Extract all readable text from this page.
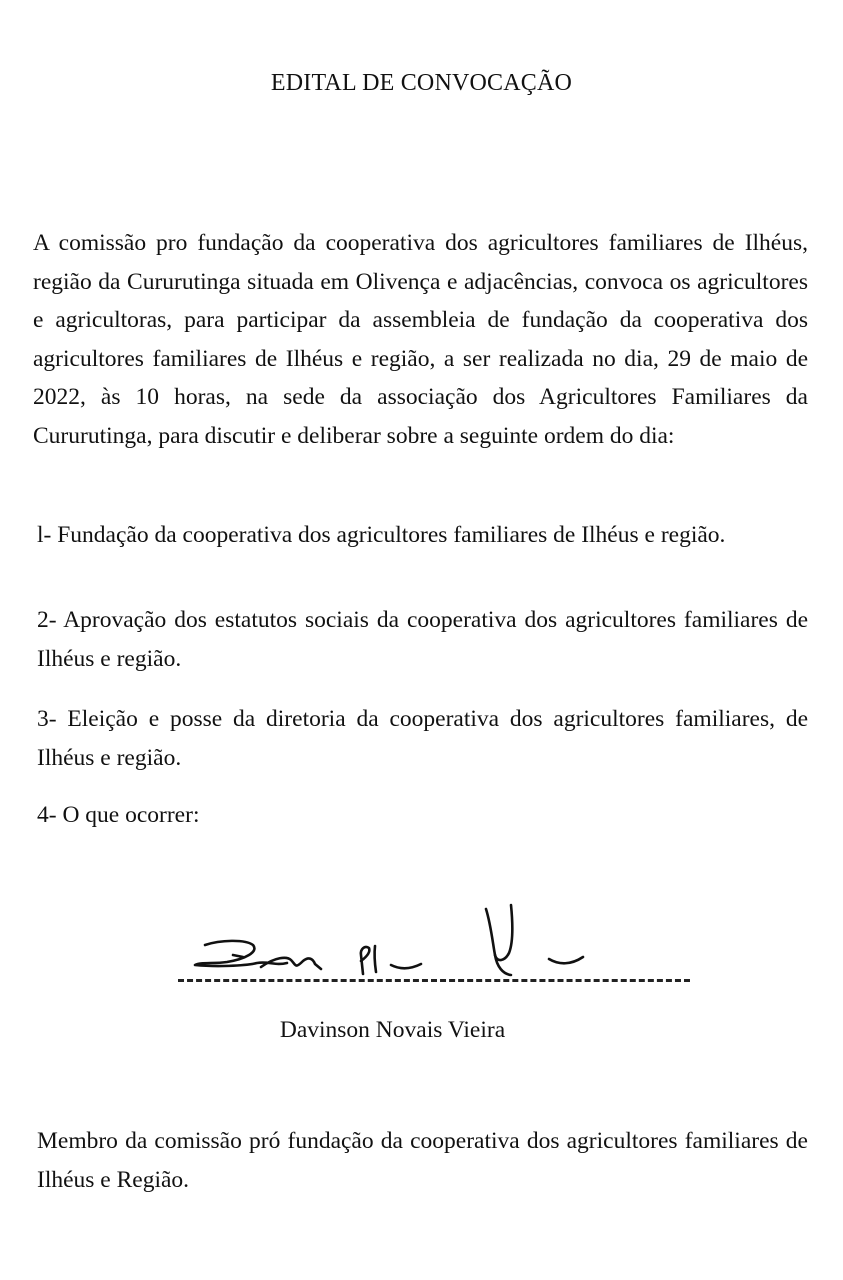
EDITAL DE CONVOCAÇÃO

A comissão pro fundação da cooperativa dos agricultores familiares de Ilhéus, região da Cururutinga situada em Olivença e adjacências, convoca os agricultores e agricultoras, para participar da assembleia de fundação da cooperativa dos agricultores familiares de Ilhéus e região, a ser realizada no dia, 29 de maio de 2022, às 10 horas, na sede da associação dos Agricultores Familiares da Cururutinga, para discutir e deliberar sobre a seguinte ordem do dia:

l- Fundação da cooperativa dos agricultores familiares de Ilhéus e região.

2- Aprovação dos estatutos sociais da cooperativa dos agricultores familiares de Ilhéus e região.

3- Eleição e posse da diretoria da cooperativa dos agricultores familiares, de Ilhéus e região.

4- O que ocorrer:

Davinson Novais Vieira

Membro da comissão pró fundação da cooperativa dos agricultores familiares de Ilhéus e Região.
